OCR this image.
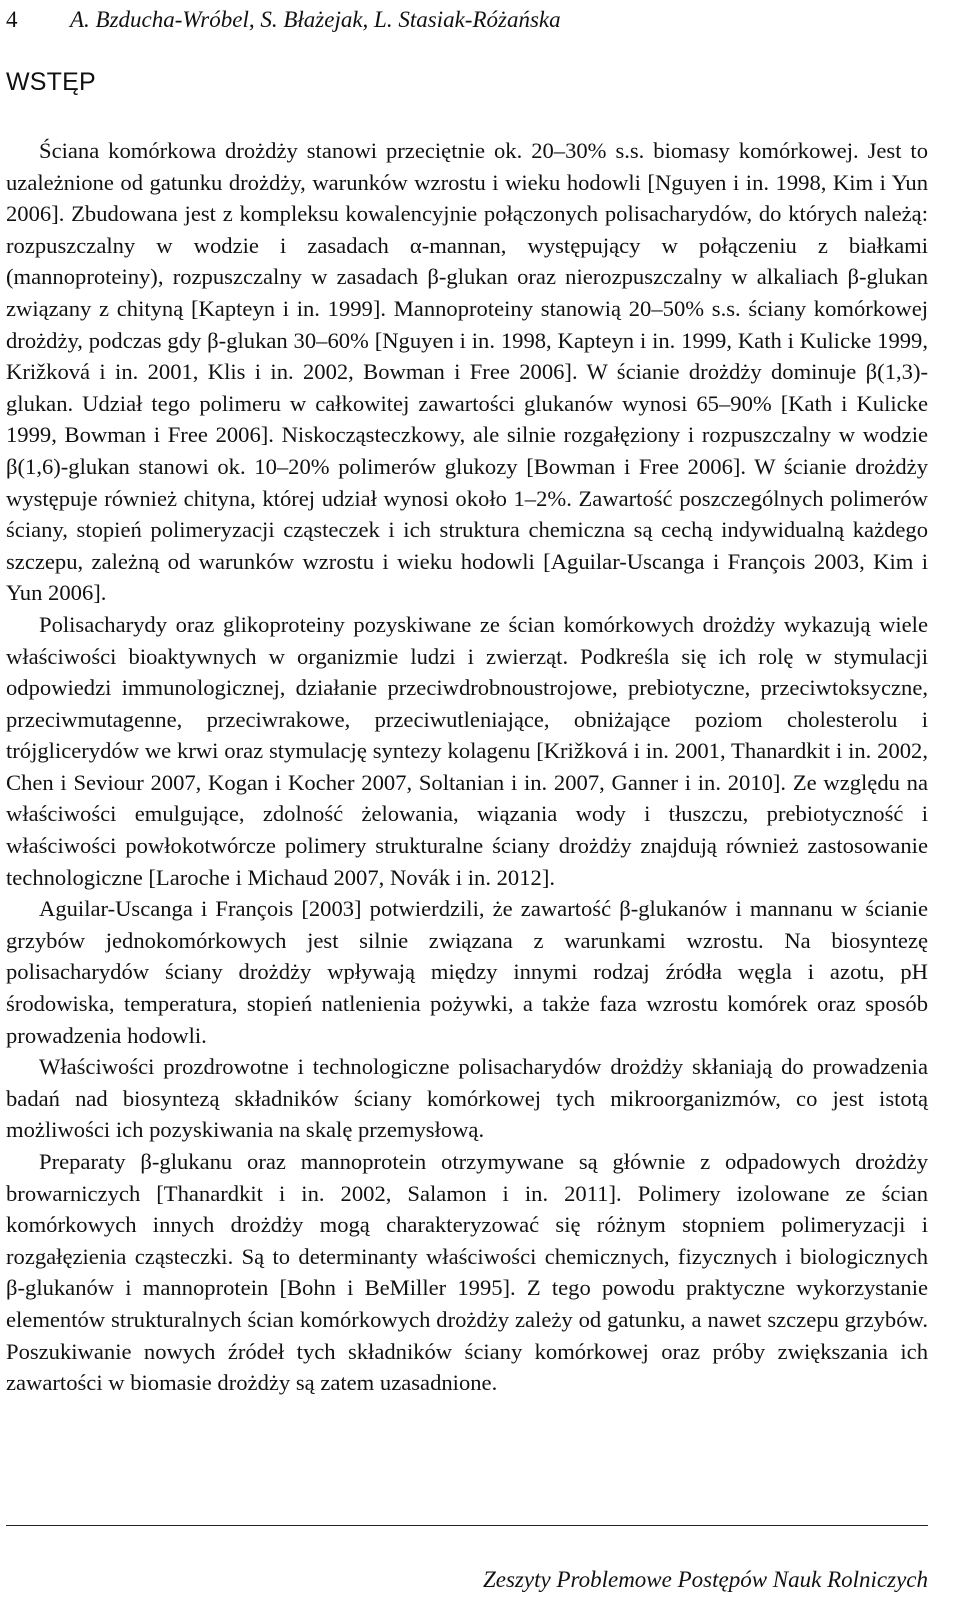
4 A. Bzducha-Wróbel, S. Błażejak, L. Stasiak-Różańska
WSTĘP

Ściana komórkowa drożdży stanowi przeciętnie ok. 20–30% s.s. biomasy komórkowej. Jest to uzależnione od gatunku drożdży, warunków wzrostu i wieku hodowli [Nguyen i in. 1998, Kim i Yun 2006]. Zbudowana jest z kompleksu kowalencyjnie połączonych polisacharydów, do których należą: rozpuszczalny w wodzie i zasadach α-mannan, występujący w połączeniu z białkami (mannoproteiny), rozpuszczalny w zasadach β-glukan oraz nierozpuszczalny w alkaliach β-glukan związany z chityną [Kapteyn i in. 1999]. Mannoproteiny stanowią 20–50% s.s. ściany komórkowej drożdży, podczas gdy β-glukan 30–60% [Nguyen i in. 1998, Kapteyn i in. 1999, Kath i Kulicke 1999, Križková i in. 2001, Klis i in. 2002, Bowman i Free 2006]. W ścianie drożdży dominuje β(1,3)-glukan. Udział tego polimeru w całkowitej zawartości glukanów wynosi 65–90% [Kath i Kulicke 1999, Bowman i Free 2006]. Niskocząsteczkowy, ale silnie rozgałęziony i rozpuszczalny w wodzie β(1,6)-glukan stanowi ok. 10–20% polimerów glukozy [Bowman i Free 2006]. W ścianie drożdży występuje również chityna, której udział wynosi około 1–2%. Zawartość poszczególnych polimerów ściany, stopień polimeryzacji cząsteczek i ich struktura chemiczna są cechą indywidualną każdego szczepu, zależną od warunków wzrostu i wieku hodowli [Aguilar-Uscanga i François 2003, Kim i Yun 2006].

Polisacharydy oraz glikoproteiny pozyskiwane ze ścian komórkowych drożdży wykazują wiele właściwości bioaktywnych w organizmie ludzi i zwierząt. Podkreśla się ich rolę w stymulacji odpowiedzi immunologicznej, działanie przeciwdrobnoustrojowe, prebiotyczne, przeciwtoksyczne, przeciwmutagenne, przeciwrakowe, przeciwutleniające, obniżające poziom cholesterolu i trójglicerydów we krwi oraz stymulację syntezy kolagenu [Križková i in. 2001, Thanardkit i in. 2002, Chen i Seviour 2007, Kogan i Kocher 2007, Soltanian i in. 2007, Ganner i in. 2010]. Ze względu na właściwości emulgujące, zdolność żelowania, wiązania wody i tłuszczu, prebiotyczność i właściwości powłokotwórcze polimery strukturalne ściany drożdży znajdują również zastosowanie technologiczne [Laroche i Michaud 2007, Novák i in. 2012].

Aguilar-Uscanga i François [2003] potwierdzili, że zawartość β-glukanów i mannanu w ścianie grzybów jednokomórkowych jest silnie związana z warunkami wzrostu. Na biosyntezę polisacharydów ściany drożdży wpływają między innymi rodzaj źródła węgla i azotu, pH środowiska, temperatura, stopień natlenienia pożywki, a także faza wzrostu komórek oraz sposób prowadzenia hodowli.

Właściwości prozdrowotne i technologiczne polisacharydów drożdży skłaniają do prowadzenia badań nad biosyntezą składników ściany komórkowej tych mikroorganizmów, co jest istotą możliwości ich pozyskiwania na skalę przemysłową.

Preparaty β-glukanu oraz mannoprotein otrzymywane są głównie z odpadowych drożdży browarniczych [Thanardkit i in. 2002, Salamon i in. 2011]. Polimery izolowane ze ścian komórkowych innych drożdży mogą charakteryzować się różnym stopniem polimeryzacji i rozgałęzienia cząsteczki. Są to determinanty właściwości chemicznych, fizycznych i biologicznych β-glukanów i mannoprotein [Bohn i BeMiller 1995]. Z tego powodu praktyczne wykorzystanie elementów strukturalnych ścian komórkowych drożdży zależy od gatunku, a nawet szczepu grzybów. Poszukiwanie nowych źródeł tych składników ściany komórkowej oraz próby zwiększania ich zawartości w biomasie drożdży są zatem uzasadnione.

Zeszyty Problemowe Postępów Nauk Rolniczych
